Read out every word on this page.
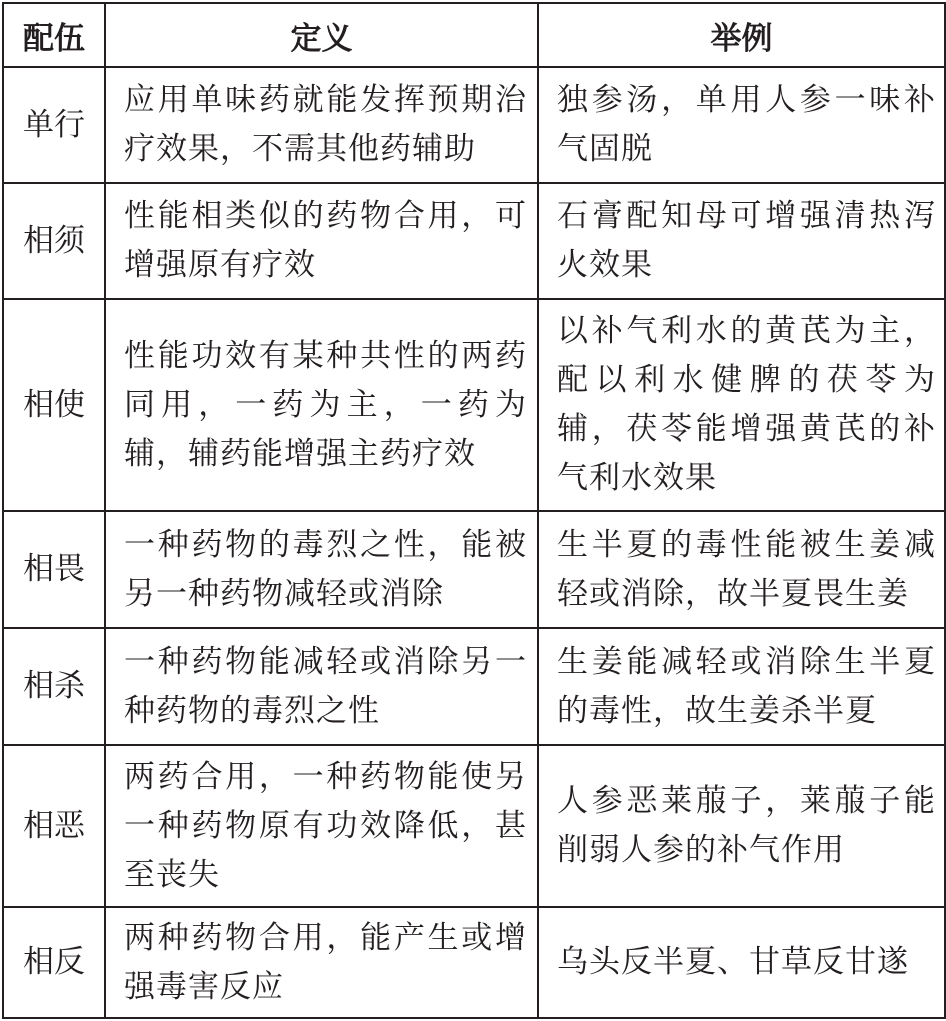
配伍	定义	举例
单行	应用单味药就能发挥预期治疗效果，不需其他药辅助	独参汤，单用人参一味补气固脱
相须	性能相类似的药物合用，可增强原有疗效	石膏配知母可增强清热泻火效果
相使	性能功效有某种共性的两药同用，一药为主，一药为辅，辅药能增强主药疗效	以补气利水的黄芪为主，配以利水健脾的茯苓为辅，茯苓能增强黄芪的补气利水效果
相畏	一种药物的毒烈之性，能被另一种药物减轻或消除	生半夏的毒性能被生姜减轻或消除，故半夏畏生姜
相杀	一种药物能减轻或消除另一种药物的毒烈之性	生姜能减轻或消除生半夏的毒性，故生姜杀半夏
相恶	两药合用，一种药物能使另一种药物原有功效降低，甚至丧失	人参恶莱菔子，莱菔子能削弱人参的补气作用
相反	两种药物合用，能产生或增强毒害反应	乌头反半夏、甘草反甘遂
